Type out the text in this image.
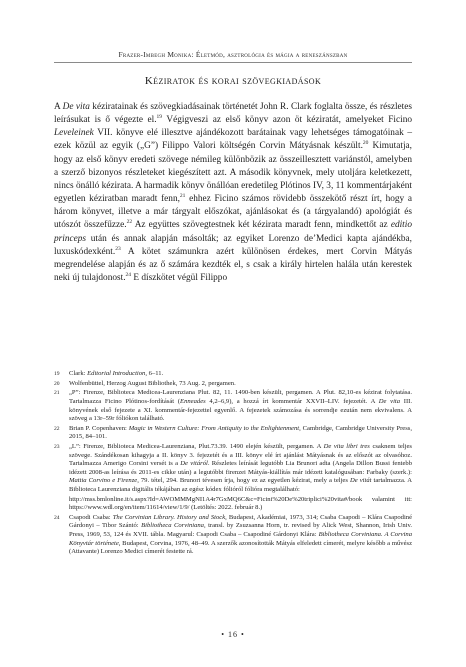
Frazer-Imbegh Monika: Életmód, asztrológia és mágia a reneszánszban
Kéziratok és korai szövegkiadások

A De vita kéziratainak és szövegkiadásainak történetét John R. Clark foglalta össze, és részletes leírásukat is ő végezte el.$^{19}$ Végigveszi az első könyv azon öt kéziratát, amelyeket Ficino Leveleinek VII. könyve elé illesztve ajándékozott barátainak vagy lehetséges támogatóinak – ezek közül az egyik („G”) Filippo Valori költségén Corvin Mátyásnak készült.$^{20}$ Kimutatja, hogy az első könyv eredeti szövege némileg különbözik az összeillesztett variánstól, amelyben a szerző bizonyos részleteket kiegészített azt. A második könyvnek, mely utoljára keletkezett, nincs önálló kézirata. A harmadik könyv önállóan eredetileg Plótinos IV, 3, 11 kommentárjaként egyetlen kéziratban maradt fenn,$^{21}$ ehhez Ficino számos rövidebb összekötő részt írt, hogy a három könyvet, illetve a már tárgyalt előszókat, ajánlásokat és (a tárgyalandó) apológiát és utószót összefűzze.$^{22}$ Az együttes szövegtestnek két kézirata maradt fenn, mindkettőt az editio princeps után és annak alapján másolták; az egyiket Lorenzo de’Medici kapta ajándékba, luxuskódexként.$^{23}$ A kötet számunkra azért különösen érdekes, mert Corvin Mátyás megrendelése alapján és az ő számára kezdték el, s csak a király hirtelen halála után kerestek neki új tulajdonost.$^{24}$ E díszkötet végül Filippo

19 Clark: Editorial Introduction, 6–11.
20 Wolfenbüttel, Herzog August Bibliothek, 73 Aug. 2, pergamen.
21 „P”: Firenze, Biblioteca Medicea-Laurenziana Plut. 82, 11. 1490-ben készült, pergamen. A Plut. 82,10-es kézirat folytatása. Tartalmazza Ficino Plótinos-fordítását (Enneades 4,2–6,9), a hozzá írt kommentár XXVII–LIV. fejezetét. A De vita III. könyvének első fejezete a XI. kommentár-fejezettel egyenlő. A fejezetek számozása és sorrendje ezután nem ekvivalens. A szöveg a 13r–59r fóliókon található.
22 Brian P. Copenhaven: Magic in Western Culture: From Antiquity to the Enlightenment, Cambridge, Cambridge University Press, 2015, 84–101.
23 „L”: Firenze, Biblioteca Medicea-Laurenziana, Plut.73.39. 1490 elején készült, pergamen. A De vita libri tres csaknem teljes szövege. Szándékosan kihagyja a II. könyv 3. fejezetét és a III. könyv elé írt ajánlást Mátyásnak és az előszót az olvasóhoz. Tartalmazza Amerigo Corsini versét is a De vitáról. Részletes leírását legutóbb Lia Brunori adta (Angela Dillon Bussi fentebb idézett 2008-as leírása és 2011-es cikke után) a legutóbbi firenzei Mátyás-kiállítás már idézett katalógusában: Farbaky (szerk.): Mattia Corvino e Firenze, 79. tétel, 294. Brunori tévesen írja, hogy ez az egyetlen kézirat, mely a teljes De vitát tartalmazza. A Biblioteca Laurenziana digitális tékájában az egész kódex fólióról fólióra megtalálható:
http://mss.bmlonline.it/s.aspx?Id=AWOMMMgNI1A4r7GxMQ6C&c=Ficini%20De%20triplici%20vita#/book valamint itt: https://www.wdl.org/en/item/11614/view/1/9/ (Letöltés: 2022. február 8.)
24 Csapodi Csaba: The Corvinian Library. History and Stock, Budapest, Akadémiai, 1973, 314; Csaba Csapodi – Klára Csapodiné Gárdonyi – Tibor Szántó: Bibliotheca Corviniana, transl. by Zsuzsanna Horn, tr. revised by Alick West, Shannon, Irish Univ. Press, 1969, 53, 124 és XVII. tábla. Magyarul: Csapodi Csaba – Csapodiné Gárdonyi Klára: Bibliotheca Corviniana. A Corvina Könyvtár története, Budapest, Corvina, 1976, 48–49. A szerzők azonosították Mátyás elfeledett címerét, melyre később a művész (Attavante) Lorenzo Medici címerét festette rá.
• 16 •
